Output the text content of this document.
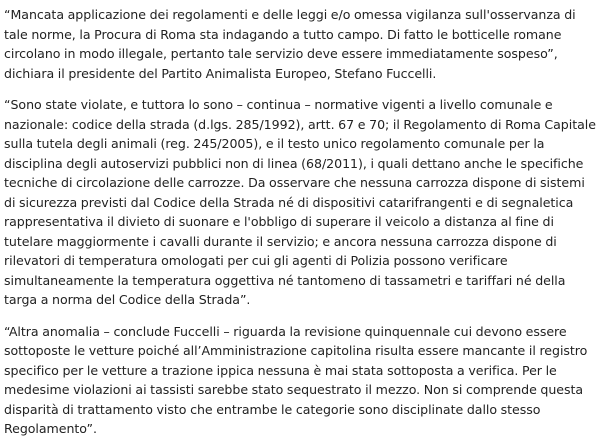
“Mancata applicazione dei regolamenti e delle leggi e/o omessa vigilanza sull'osservanza di tale norme, la Procura di Roma sta indagando a tutto campo. Di fatto le botticelle romane circolano in modo illegale, pertanto tale servizio deve essere immediatamente sospeso”, dichiara il presidente del Partito Animalista Europeo, Stefano Fuccelli.

“Sono state violate, e tuttora lo sono – continua – normative vigenti a livello comunale e nazionale: codice della strada (d.lgs. 285/1992), artt. 67 e 70; il Regolamento di Roma Capitale sulla tutela degli animali (reg. 245/2005), e il testo unico regolamento comunale per la disciplina degli autoservizi pubblici non di linea (68/2011), i quali dettano anche le specifiche tecniche di circolazione delle carrozze. Da osservare che nessuna carrozza dispone di sistemi di sicurezza previsti dal Codice della Strada né di dispositivi catarifrangenti e di segnaletica rappresentativa il divieto di suonare e l'obbligo di superare il veicolo a distanza al fine di tutelare maggiormente i cavalli durante il servizio; e ancora nessuna carrozza dispone di rilevatori di temperatura omologati per cui gli agenti di Polizia possono verificare simultaneamente la temperatura oggettiva né tantomeno di tassametri e tariffari né della targa a norma del Codice della Strada”.

“Altra anomalia – conclude Fuccelli – riguarda la revisione quinquennale cui devono essere sottoposte le vetture poiché all’Amministrazione capitolina risulta essere mancante il registro specifico per le vetture a trazione ippica nessuna è mai stata sottoposta a verifica. Per le medesime violazioni ai tassisti sarebbe stato sequestrato il mezzo. Non si comprende questa disparità di trattamento visto che entrambe le categorie sono disciplinate dallo stesso Regolamento”.
